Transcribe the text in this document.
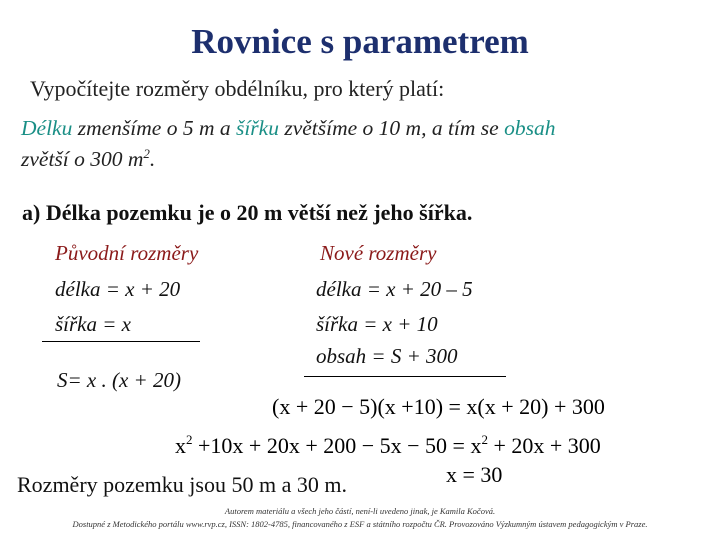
Rovnice s parametrem
Vypočítejte rozměry obdélníku, pro který platí:
Délku zmenšíme o 5 m a šířku zvětšíme o 10 m, a tím se obsah
zvětší o 300 $m^2$.
a) Délka pozemku je o 20 m větší než jeho šířka.
Původní rozměry
délka = x + 20
šířka = x
S= x . (x + 20)
Nové rozměry
délka = x + 20 – 5
šířka = x + 10
obsah = S + 300
(x + 20 − 5)(x +10) = x(x + 20) + 300
$x^2 +10x + 20x + 200 - 5x - 50 = x^2 + 20x + 300$
x = 30
Rozměry pozemku jsou 50 m a 30 m.
Autorem materiálu a všech jeho částí, není-li uvedeno jinak, je Kamila Kočová.
Dostupné z Metodického portálu www.rvp.cz, ISSN: 1802-4785, financovaného z ESF a státního rozpočtu ČR. Provozováno Výzkumným ústavem pedagogickým v Praze.
